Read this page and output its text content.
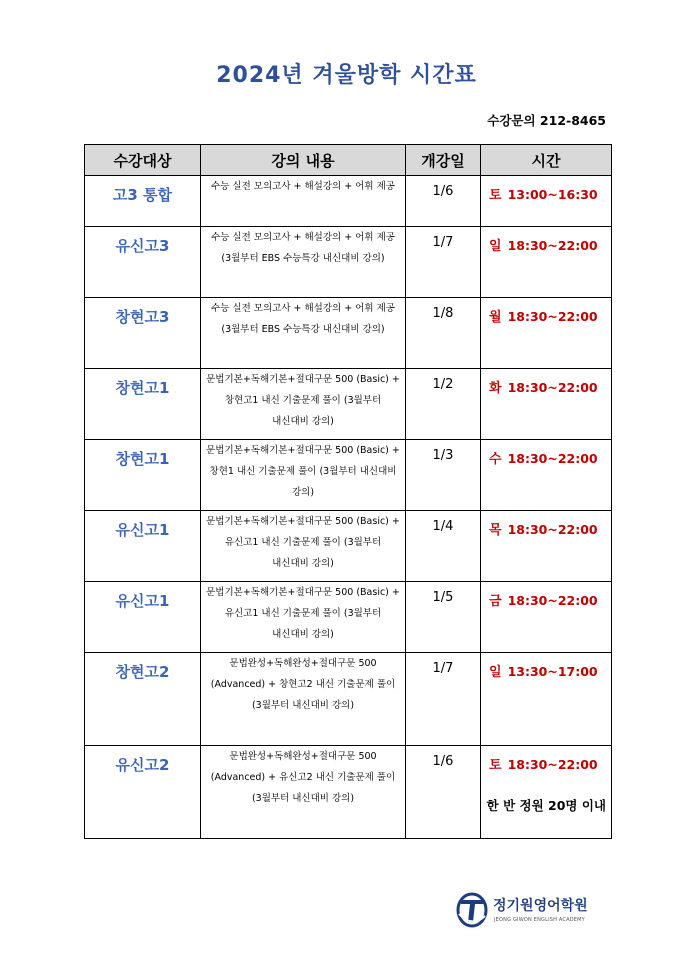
2024년 겨울방학 시간표
수강문의 212-8465
수강대상	강의 내용	개강일	시간
고3 통합	수능 실전 모의고사 + 해설강의 + 어휘 제공	1/6	토 13:00~16:30
유신고3	수능 실전 모의고사 + 해설강의 + 어휘 제공 (3월부터 EBS 수능특강 내신대비 강의)	1/7	일 18:30~22:00
창현고3	수능 실전 모의고사 + 해설강의 + 어휘 제공 (3월부터 EBS 수능특강 내신대비 강의)	1/8	월 18:30~22:00
창현고1	문법기본+독해기본+절대구문 500 (Basic) + 창현고1 내신 기출문제 풀이 (3월부터 내신대비 강의)	1/2	화 18:30~22:00
창현고1	문법기본+독해기본+절대구문 500 (Basic) + 창현1 내신 기출문제 풀이 (3월부터 내신대비 강의)	1/3	수 18:30~22:00
유신고1	문법기본+독해기본+절대구문 500 (Basic) + 유신고1 내신 기출문제 풀이 (3월부터 내신대비 강의)	1/4	목 18:30~22:00
유신고1	문법기본+독해기본+절대구문 500 (Basic) + 유신고1 내신 기출문제 풀이 (3월부터 내신대비 강의)	1/5	금 18:30~22:00
창현고2	문법완성+독해완성+절대구문 500 (Advanced) + 창현고2 내신 기출문제 풀이 (3월부터 내신대비 강의)	1/7	일 13:30~17:00
유신고2	문법완성+독해완성+절대구문 500 (Advanced) + 유신고2 내신 기출문제 풀이 (3월부터 내신대비 강의)	1/6	토 18:30~22:00
한 반 정원 20명 이내
정기원영어학원
JEONG GIWON ENGLISH ACADEMY
